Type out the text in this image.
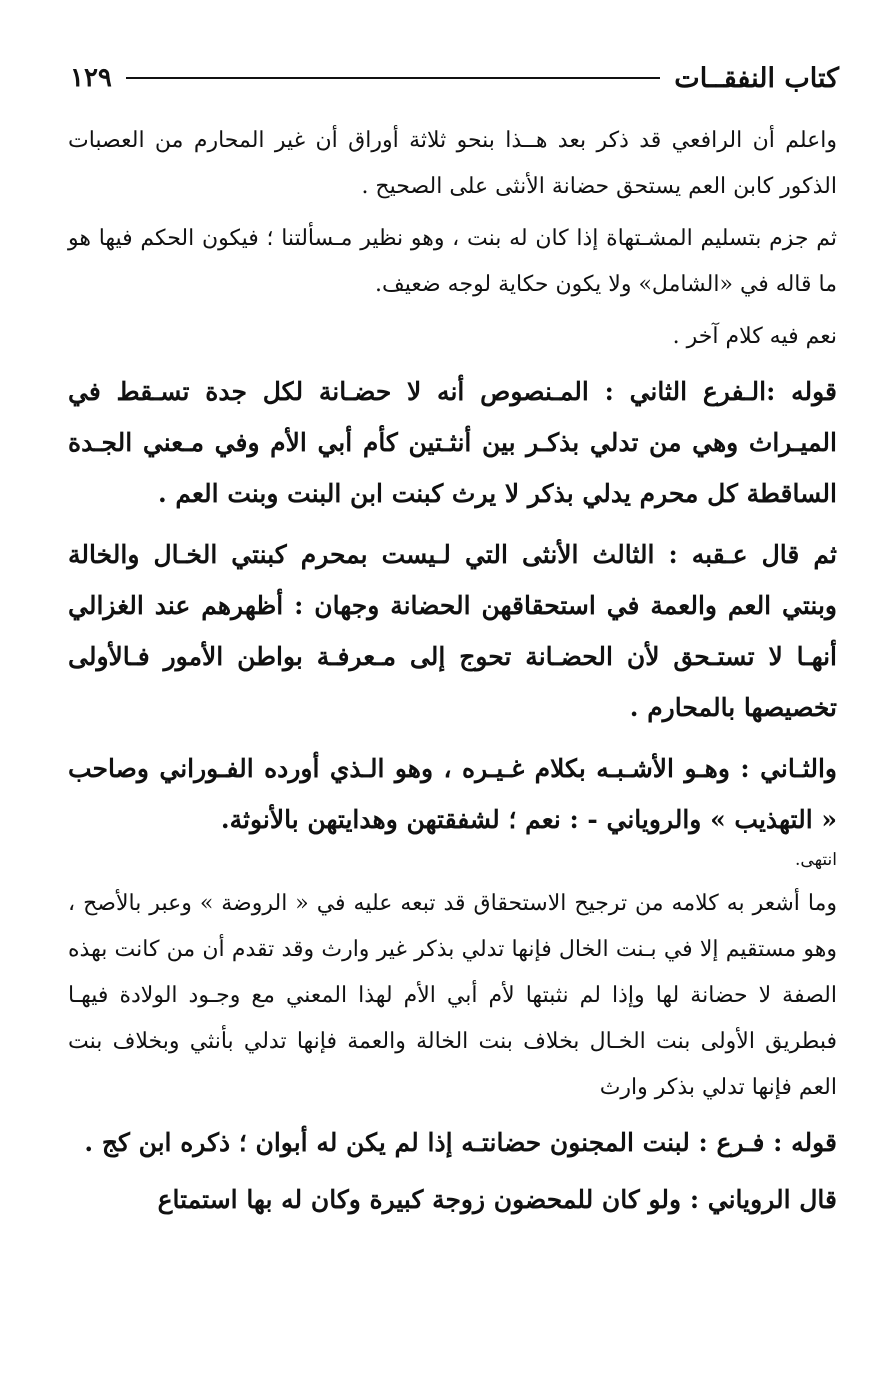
كتاب النفقــات
١٢٩

واعلم أن الرافعي قد ذكر بعد هــذا بنحو ثلاثة أوراق أن غير المحارم من العصبات الذكور كابن العم يستحق حضانة الأنثى على الصحيح .

ثم جزم بتسليم المشـتهاة إذا كان له بنت ، وهو نظير مـسألتنا ؛ فيكون الحكم فيها هو ما قاله في «الشامل» ولا يكون حكاية لوجه ضعيف.

نعم فيه كلام آخر .

قوله :الـفرع الثاني : المـنصوص أنه لا حضـانة لكل جدة تسـقط في الميـراث وهي من تدلي بذكـر بين أنثـتين كأم أبي الأم وفي مـعني الجـدة الساقطة كل محرم يدلي بذكر لا يرث كبنت ابن البنت وبنت العم .

ثم قال عـقبه : الثالث الأنثى التي لـيست بمحرم كبنتي الخـال والخالة وبنتي العم والعمة في استحقاقهن الحضانة وجهان : أظهرهم عند الغزالي أنهـا لا تستـحق لأن الحضـانة تحوج إلى مـعرفـة بواطن الأمور فـالأولى تخصيصها بالمحارم .

والثـاني : وهـو الأشـبـه بكلام غـيـره ، وهو الـذي أورده الفـوراني وصاحب « التهذيب » والروياني - : نعم ؛ لشفقتهن وهدايتهن بالأنوثة.

انتهى.

وما أشعر به كلامه من ترجيح الاستحقاق قد تبعه عليه في « الروضة » وعبر بالأصح ، وهو مستقيم إلا في بـنت الخال فإنها تدلي بذكر غير وارث وقد تقدم أن من كانت بهذه الصفة لا حضانة لها وإذا لم نثبتها لأم أبي الأم لهذا المعني مع وجـود الولادة فيهـا فبطريق الأولى بنت الخـال بخلاف بنت الخالة والعمة فإنها تدلي بأنثي وبخلاف بنت العم فإنها تدلي بذكر وارث

قوله : فـرع : لبنت المجنون حضانتـه إذا لم يكن له أبوان ؛ ذكره ابن كج .

قال الروياني : ولو كان للمحضون زوجة كبيرة وكان له بها استمتاع
